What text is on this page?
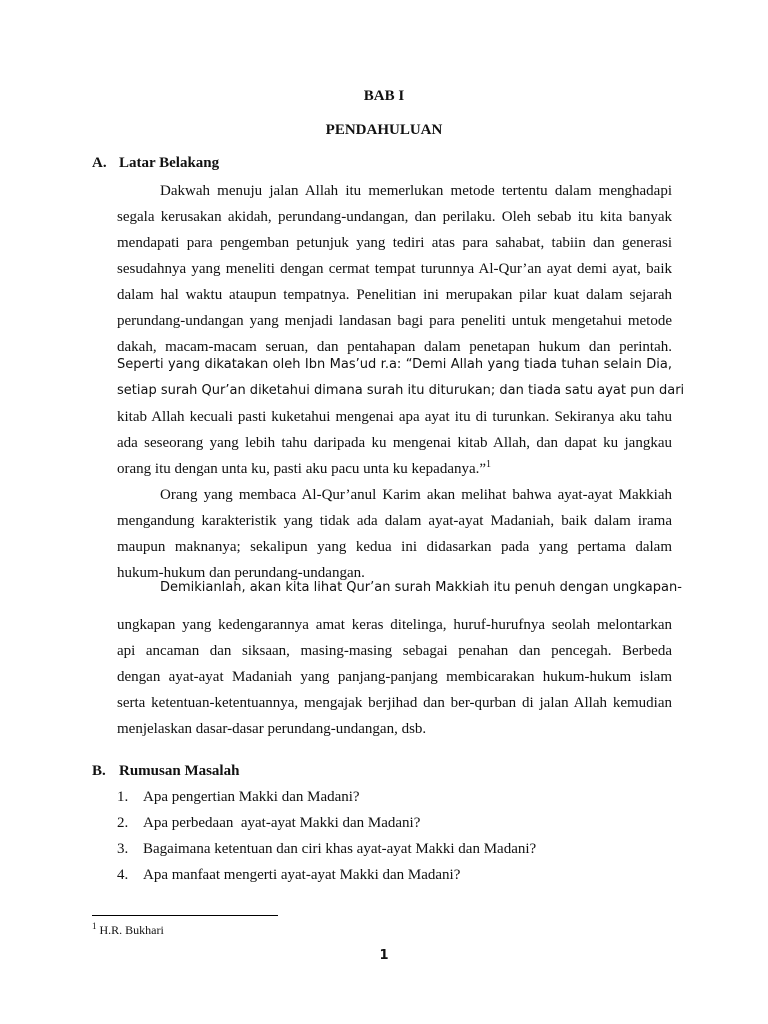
BAB I
PENDAHULUAN
A. Latar Belakang
Dakwah menuju jalan Allah itu memerlukan metode tertentu dalam menghadapi
segala kerusakan akidah, perundang-undangan, dan perilaku. Oleh sebab itu kita banyak
mendapati para pengemban petunjuk yang tediri atas para sahabat, tabiin dan generasi
sesudahnya yang meneliti dengan cermat tempat turunnya Al-Qur’an ayat demi ayat, baik
dalam hal waktu ataupun tempatnya. Penelitian ini merupakan pilar kuat dalam sejarah
perundang-undangan yang menjadi landasan bagi para peneliti untuk mengetahui metode
dakah, macam-macam seruan, dan pentahapan dalam penetapan hukum dan perintah.
Seperti yang dikatakan oleh Ibn Mas’ud r.a: “Demi Allah yang tiada tuhan selain Dia,
setiap surah Qur’an diketahui dimana surah itu diturukan; dan tiada satu ayat pun dari
kitab Allah kecuali pasti kuketahui mengenai apa ayat itu di turunkan. Sekiranya aku tahu
ada seseorang yang lebih tahu daripada ku mengenai kitab Allah, dan dapat ku jangkau
orang itu dengan unta ku, pasti aku pacu unta ku kepadanya.”$^1$
Orang yang membaca Al-Qur’anul Karim akan melihat bahwa ayat-ayat Makkiah
mengandung karakteristik yang tidak ada dalam ayat-ayat Madaniah, baik dalam irama
maupun maknanya; sekalipun yang kedua ini didasarkan pada yang pertama dalam
hukum-hukum dan perundang-undangan.
Demikianlah, akan kita lihat Qur’an surah Makkiah itu penuh dengan ungkapan-
ungkapan yang kedengarannya amat keras ditelinga, huruf-hurufnya seolah melontarkan
api ancaman dan siksaan, masing-masing sebagai penahan dan pencegah. Berbeda
dengan ayat-ayat Madaniah yang panjang-panjang membicarakan hukum-hukum islam
serta ketentuan-ketentuannya, mengajak berjihad dan ber-qurban di jalan Allah kemudian
menjelaskan dasar-dasar perundang-undangan, dsb.
B. Rumusan Masalah
1. Apa pengertian Makki dan Madani?
2. Apa perbedaan  ayat-ayat Makki dan Madani?
3. Bagaimana ketentuan dan ciri khas ayat-ayat Makki dan Madani?
4. Apa manfaat mengerti ayat-ayat Makki dan Madani?
$^1$ H.R. Bukhari
1
